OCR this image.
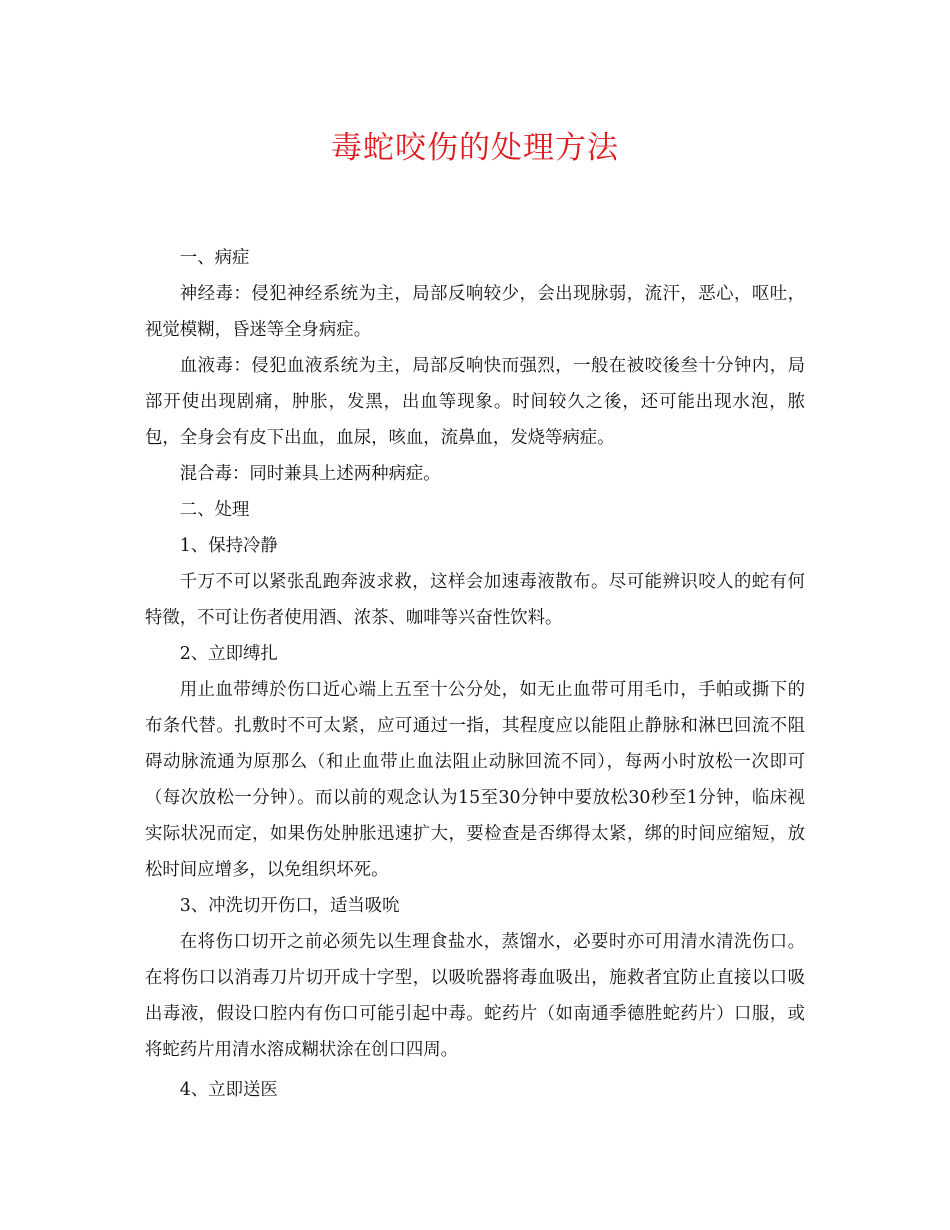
毒蛇咬伤的处理方法

一、病症

神经毒：侵犯神经系统为主，局部反响较少，会出现脉弱，流汗，恶心，呕吐，视觉模糊，昏迷等全身病症。

血液毒：侵犯血液系统为主，局部反响快而强烈，一般在被咬後叁十分钟内，局部开使出现剧痛，肿胀，发黑，出血等现象。时间较久之後，还可能出现水泡，脓包，全身会有皮下出血，血尿，咳血，流鼻血，发烧等病症。

混合毒：同时兼具上述两种病症。

二、处理

1、保持冷静

千万不可以紧张乱跑奔波求救，这样会加速毒液散布。尽可能辨识咬人的蛇有何特徵，不可让伤者使用酒、浓茶、咖啡等兴奋性饮料。

2、立即缚扎

用止血带缚於伤口近心端上五至十公分处，如无止血带可用毛巾，手帕或撕下的布条代替。扎敷时不可太紧，应可通过一指，其程度应以能阻止静脉和淋巴回流不阻碍动脉流通为原那么（和止血带止血法阻止动脉回流不同），每两小时放松一次即可（每次放松一分钟）。而以前的观念认为15至30分钟中要放松30秒至1分钟，临床视实际状况而定，如果伤处肿胀迅速扩大，要检查是否绑得太紧，绑的时间应缩短，放松时间应增多，以免组织坏死。

3、冲洗切开伤口，适当吸吮

在将伤口切开之前必须先以生理食盐水，蒸馏水，必要时亦可用清水清洗伤口。在将伤口以消毒刀片切开成十字型，以吸吮器将毒血吸出，施救者宜防止直接以口吸出毒液，假设口腔内有伤口可能引起中毒。蛇药片（如南通季德胜蛇药片）口服，或将蛇药片用清水溶成糊状涂在创口四周。

4、立即送医
